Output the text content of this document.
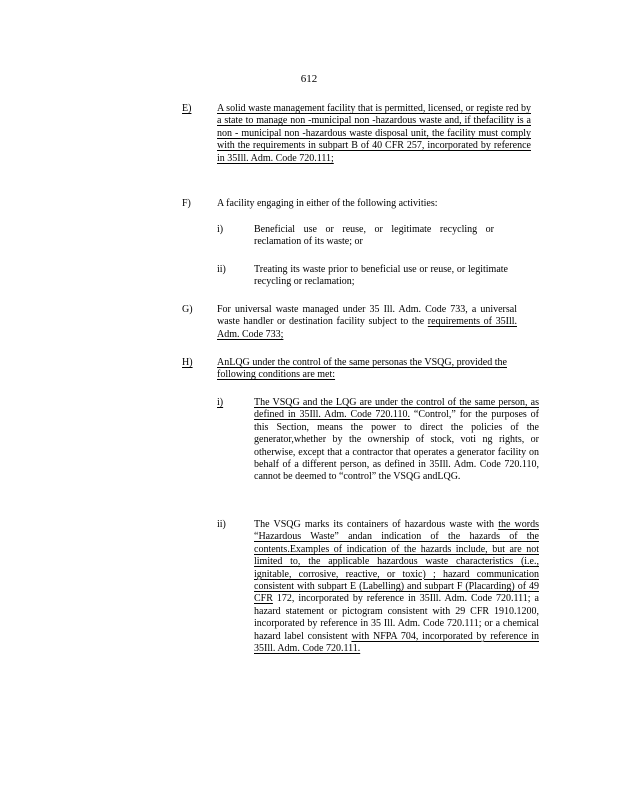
612
E)	A solid waste management facility that is permitted, licensed, or registe red by a state to manage non -municipal non -hazardous waste and, if thefacility is a non - municipal non -hazardous waste disposal unit, the facility must comply with the requirements in subpart B of 40 CFR 257, incorporated by reference in 35Ill. Adm. Code 720.111;
F)	A facility engaging in either of the following activities:
i)	Beneficial use or reuse, or legitimate recycling or reclamation of its waste; or
ii)	Treating its waste prior to beneficial use or reuse, or legitimate recycling or reclamation;
G) For universal waste managed under 35 Ill. Adm. Code 733, a universal waste handler or destination facility subject to the requirements of 35Ill. Adm. Code 733;
H) AnLQG under the control of the same personas the VSQG, provided the following conditions are met:
i)	The VSQG and the LQG are under the control of the same person, as defined in 35Ill. Adm. Code 720.110. “Control,” for the purposes of this Section, means the power to direct the policies of the generator,whether by the ownership of stock, voti ng rights, or otherwise, except that a contractor that operates a generator facility on behalf of a different person, as defined in 35Ill. Adm. Code 720.110, cannot be deemed to “control” the VSQG andLQG.
ii)	The VSQG marks its containers of hazardous waste with the words “Hazardous Waste” andan indication of the hazards of the contents.Examples of indication of the hazards include, but are not limited to, the applicable hazardous waste characteristics (i.e., ignitable, corrosive, reactive, or toxic) ; hazard communication consistent with subpart E (Labelling) and subpart F (Placarding) of 49 CFR 172, incorporated by reference in 35Ill. Adm. Code 720.111; a hazard statement or pictogram consistent with 29 CFR 1910.1200, incorporated by reference in 35 Ill. Adm. Code 720.111; or a chemical hazard label consistent with NFPA 704, incorporated by reference in 35Ill. Adm. Code 720.111.
